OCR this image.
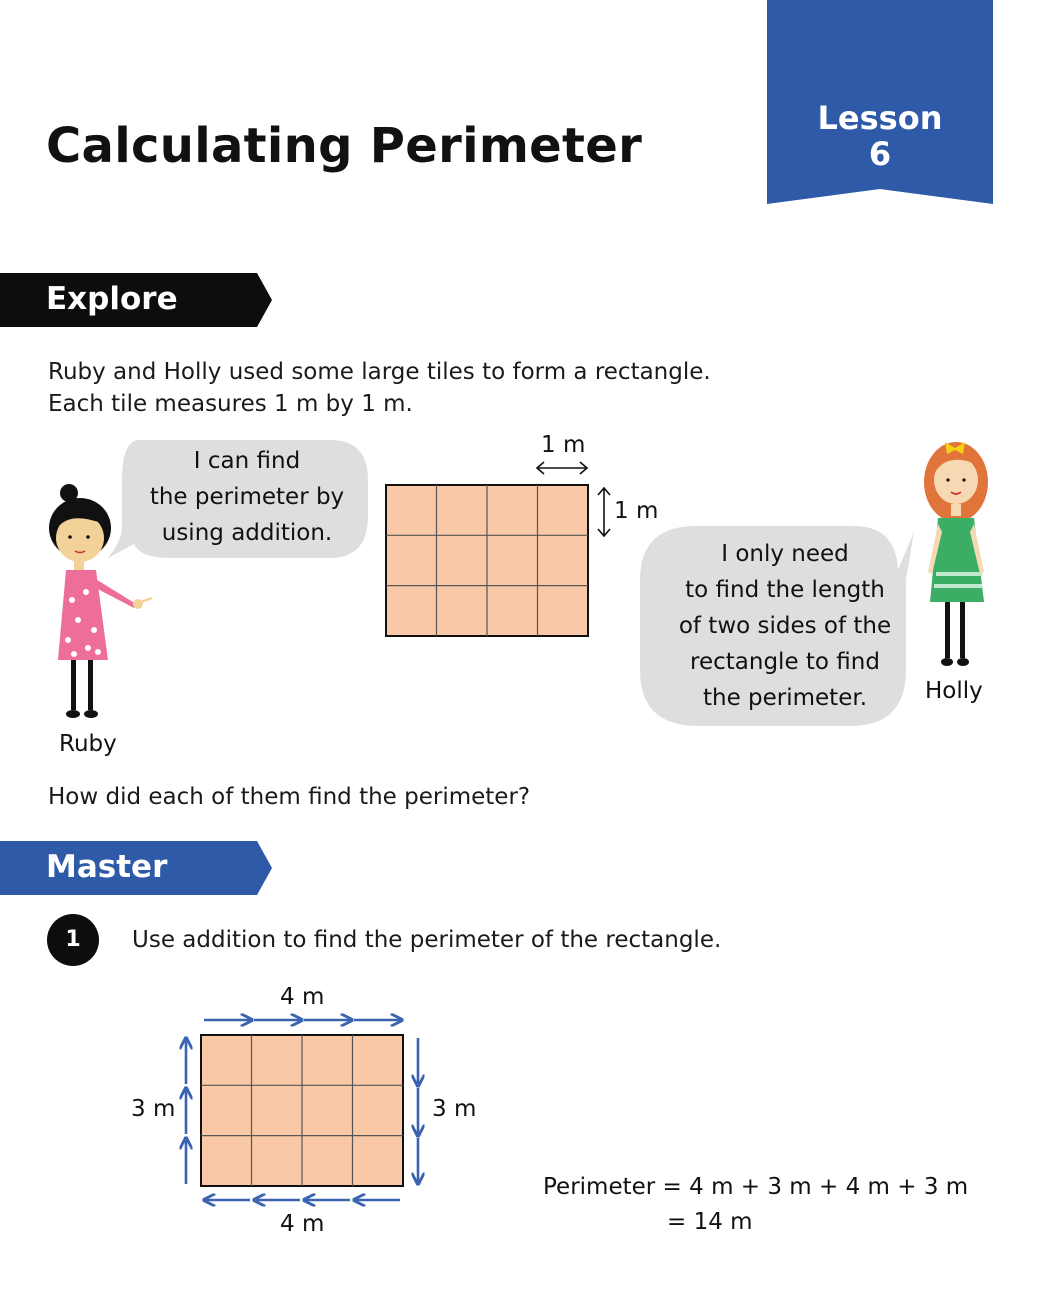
Calculating Perimeter	Lesson
6
Explore
Ruby and Holly used some large tiles to form a rectangle.
Each tile measures 1 m by 1 m.
I can find
the perimeter by
using addition.
Ruby
1 m
1 m
I only need
to find the length
of two sides of the
rectangle to find
the perimeter.	Holly
How did each of them find the perimeter?
Master
1	Use addition to find the perimeter of the rectangle.
4 m
4 m
3 m	3 m
Perimeter = 4 m + 3 m + 4 m + 3 m
= 14 m
